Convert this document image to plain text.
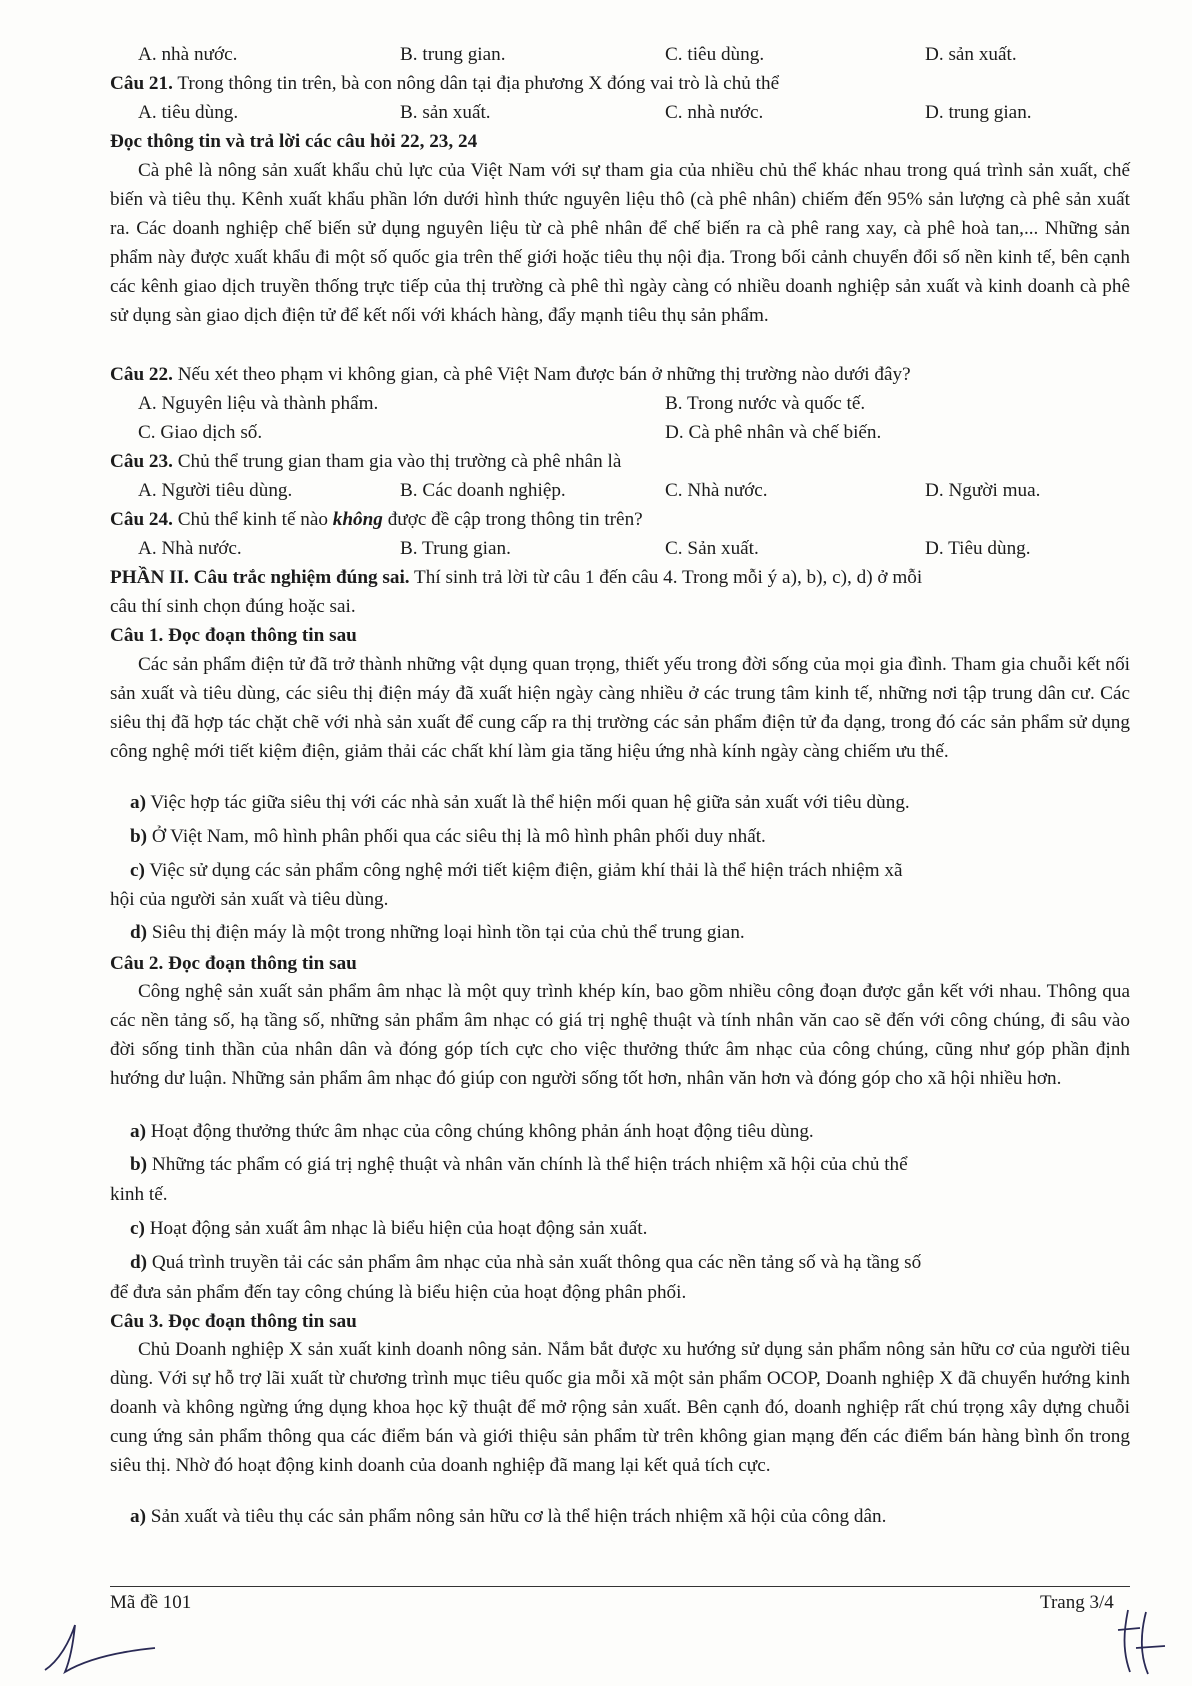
A. nhà nước.	B. trung gian.	C. tiêu dùng.	D. sản xuất.

Câu 21. Trong thông tin trên, bà con nông dân tại địa phương X đóng vai trò là chủ thể

A. tiêu dùng.	B. sản xuất.	C. nhà nước.	D. trung gian.

Đọc thông tin và trả lời các câu hỏi 22, 23, 24

Cà phê là nông sản xuất khẩu chủ lực của Việt Nam với sự tham gia của nhiều chủ thể khác nhau trong quá trình sản xuất, chế biến và tiêu thụ. Kênh xuất khẩu phần lớn dưới hình thức nguyên liệu thô (cà phê nhân) chiếm đến 95% sản lượng cà phê sản xuất ra. Các doanh nghiệp chế biến sử dụng nguyên liệu từ cà phê nhân để chế biến ra cà phê rang xay, cà phê hoà tan,... Những sản phẩm này được xuất khẩu đi một số quốc gia trên thế giới hoặc tiêu thụ nội địa. Trong bối cảnh chuyển đổi số nền kinh tế, bên cạnh các kênh giao dịch truyền thống trực tiếp của thị trường cà phê thì ngày càng có nhiều doanh nghiệp sản xuất và kinh doanh cà phê sử dụng sàn giao dịch điện tử để kết nối với khách hàng, đẩy mạnh tiêu thụ sản phẩm.

Câu 22. Nếu xét theo phạm vi không gian, cà phê Việt Nam được bán ở những thị trường nào dưới đây?

A. Nguyên liệu và thành phẩm.	B. Trong nước và quốc tế.
C. Giao dịch số.	D. Cà phê nhân và chế biến.

Câu 23. Chủ thể trung gian tham gia vào thị trường cà phê nhân là

A. Người tiêu dùng.	B. Các doanh nghiệp.	C. Nhà nước.	D. Người mua.

Câu 24. Chủ thể kinh tế nào không được đề cập trong thông tin trên?

A. Nhà nước.	B. Trung gian.	C. Sản xuất.	D. Tiêu dùng.

PHẦN II. Câu trắc nghiệm đúng sai. Thí sinh trả lời từ câu 1 đến câu 4. Trong mỗi ý a), b), c), d) ở mỗi

câu thí sinh chọn đúng hoặc sai.

Câu 1. Đọc đoạn thông tin sau

Các sản phẩm điện tử đã trở thành những vật dụng quan trọng, thiết yếu trong đời sống của mọi gia đình. Tham gia chuỗi kết nối sản xuất và tiêu dùng, các siêu thị điện máy đã xuất hiện ngày càng nhiều ở các trung tâm kinh tế, những nơi tập trung dân cư. Các siêu thị đã hợp tác chặt chẽ với nhà sản xuất để cung cấp ra thị trường các sản phẩm điện tử đa dạng, trong đó các sản phẩm sử dụng công nghệ mới tiết kiệm điện, giảm thải các chất khí làm gia tăng hiệu ứng nhà kính ngày càng chiếm ưu thế.

a) Việc hợp tác giữa siêu thị với các nhà sản xuất là thể hiện mối quan hệ giữa sản xuất với tiêu dùng.

b) Ở Việt Nam, mô hình phân phối qua các siêu thị là mô hình phân phối duy nhất.

c) Việc sử dụng các sản phẩm công nghệ mới tiết kiệm điện, giảm khí thải là thể hiện trách nhiệm xã

hội của người sản xuất và tiêu dùng.

d) Siêu thị điện máy là một trong những loại hình tồn tại của chủ thể trung gian.

Câu 2. Đọc đoạn thông tin sau

Công nghệ sản xuất sản phẩm âm nhạc là một quy trình khép kín, bao gồm nhiều công đoạn được gắn kết với nhau. Thông qua các nền tảng số, hạ tầng số, những sản phẩm âm nhạc có giá trị nghệ thuật và tính nhân văn cao sẽ đến với công chúng, đi sâu vào đời sống tinh thần của nhân dân và đóng góp tích cực cho việc thưởng thức âm nhạc của công chúng, cũng như góp phần định hướng dư luận. Những sản phẩm âm nhạc đó giúp con người sống tốt hơn, nhân văn hơn và đóng góp cho xã hội nhiều hơn.

a) Hoạt động thưởng thức âm nhạc của công chúng không phản ánh hoạt động tiêu dùng.

b) Những tác phẩm có giá trị nghệ thuật và nhân văn chính là thể hiện trách nhiệm xã hội của chủ thể

kinh tế.

c) Hoạt động sản xuất âm nhạc là biểu hiện của hoạt động sản xuất.

d) Quá trình truyền tải các sản phẩm âm nhạc của nhà sản xuất thông qua các nền tảng số và hạ tầng số

để đưa sản phẩm đến tay công chúng là biểu hiện của hoạt động phân phối.

Câu 3. Đọc đoạn thông tin sau

Chủ Doanh nghiệp X sản xuất kinh doanh nông sản. Nắm bắt được xu hướng sử dụng sản phẩm nông sản hữu cơ của người tiêu dùng. Với sự hỗ trợ lãi xuất từ chương trình mục tiêu quốc gia mỗi xã một sản phẩm OCOP, Doanh nghiệp X đã chuyển hướng kinh doanh và không ngừng ứng dụng khoa học kỹ thuật để mở rộng sản xuất. Bên cạnh đó, doanh nghiệp rất chú trọng xây dựng chuỗi cung ứng sản phẩm thông qua các điểm bán và giới thiệu sản phẩm từ trên không gian mạng đến các điểm bán hàng bình ổn trong siêu thị. Nhờ đó hoạt động kinh doanh của doanh nghiệp đã mang lại kết quả tích cực.

a) Sản xuất và tiêu thụ các sản phẩm nông sản hữu cơ là thể hiện trách nhiệm xã hội của công dân.

Mã đề 101	Trang 3/4
